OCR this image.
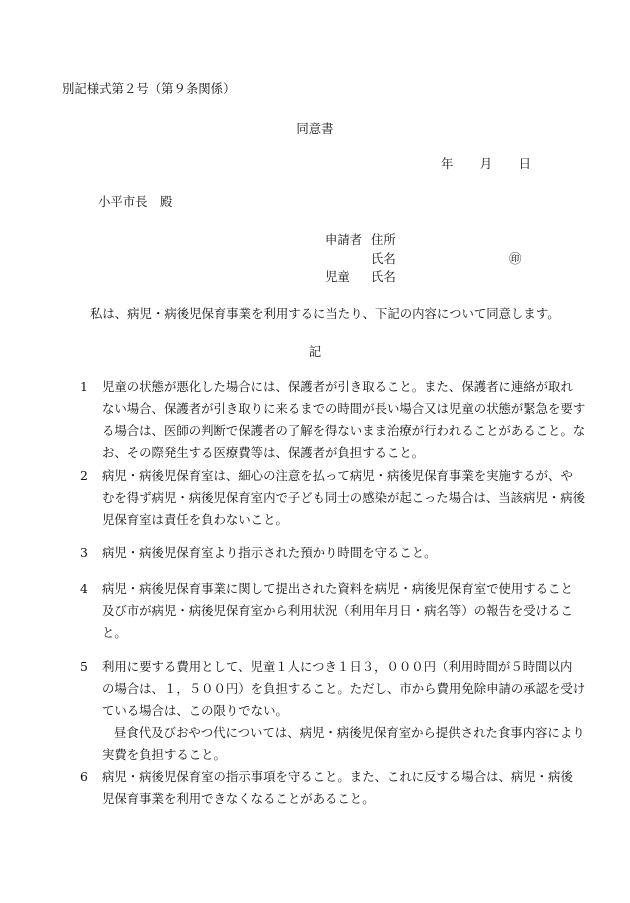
別記様式第２号（第９条関係）
同意書
年 月 日
小平市長　殿
申請者 住所
氏名	㊞
児童 氏名
私は、病児・病後児保育事業を利用するに当たり、下記の内容について同意します。
記
1	児童の状態が悪化した場合には、保護者が引き取ること。また、保護者に連絡が取れ
ない場合、保護者が引き取りに来るまでの時間が長い場合又は児童の状態が緊急を要す
る場合は、医師の判断で保護者の了解を得ないまま治療が行われることがあること。な
お、その際発生する医療費等は、保護者が負担すること。
2	病児・病後児保育室は、細心の注意を払って病児・病後児保育事業を実施するが、や
むを得ず病児・病後児保育室内で子ども同士の感染が起こった場合は、当該病児・病後
児保育室は責任を負わないこと。
3	病児・病後児保育室より指示された預かり時間を守ること。
4	病児・病後児保育事業に関して提出された資料を病児・病後児保育室で使用すること
及び市が病児・病後児保育室から利用状況（利用年月日・病名等）の報告を受けるこ
と。
5	利用に要する費用として、児童１人につき１日３，０００円（利用時間が５時間以内
の場合は、１，５００円）を負担すること。ただし、市から費用免除申請の承認を受け
ている場合は、この限りでない。
昼食代及びおやつ代については、病児・病後児保育室から提供された食事内容により
実費を負担すること。
6	病児・病後児保育室の指示事項を守ること。また、これに反する場合は、病児・病後
児保育事業を利用できなくなることがあること。
